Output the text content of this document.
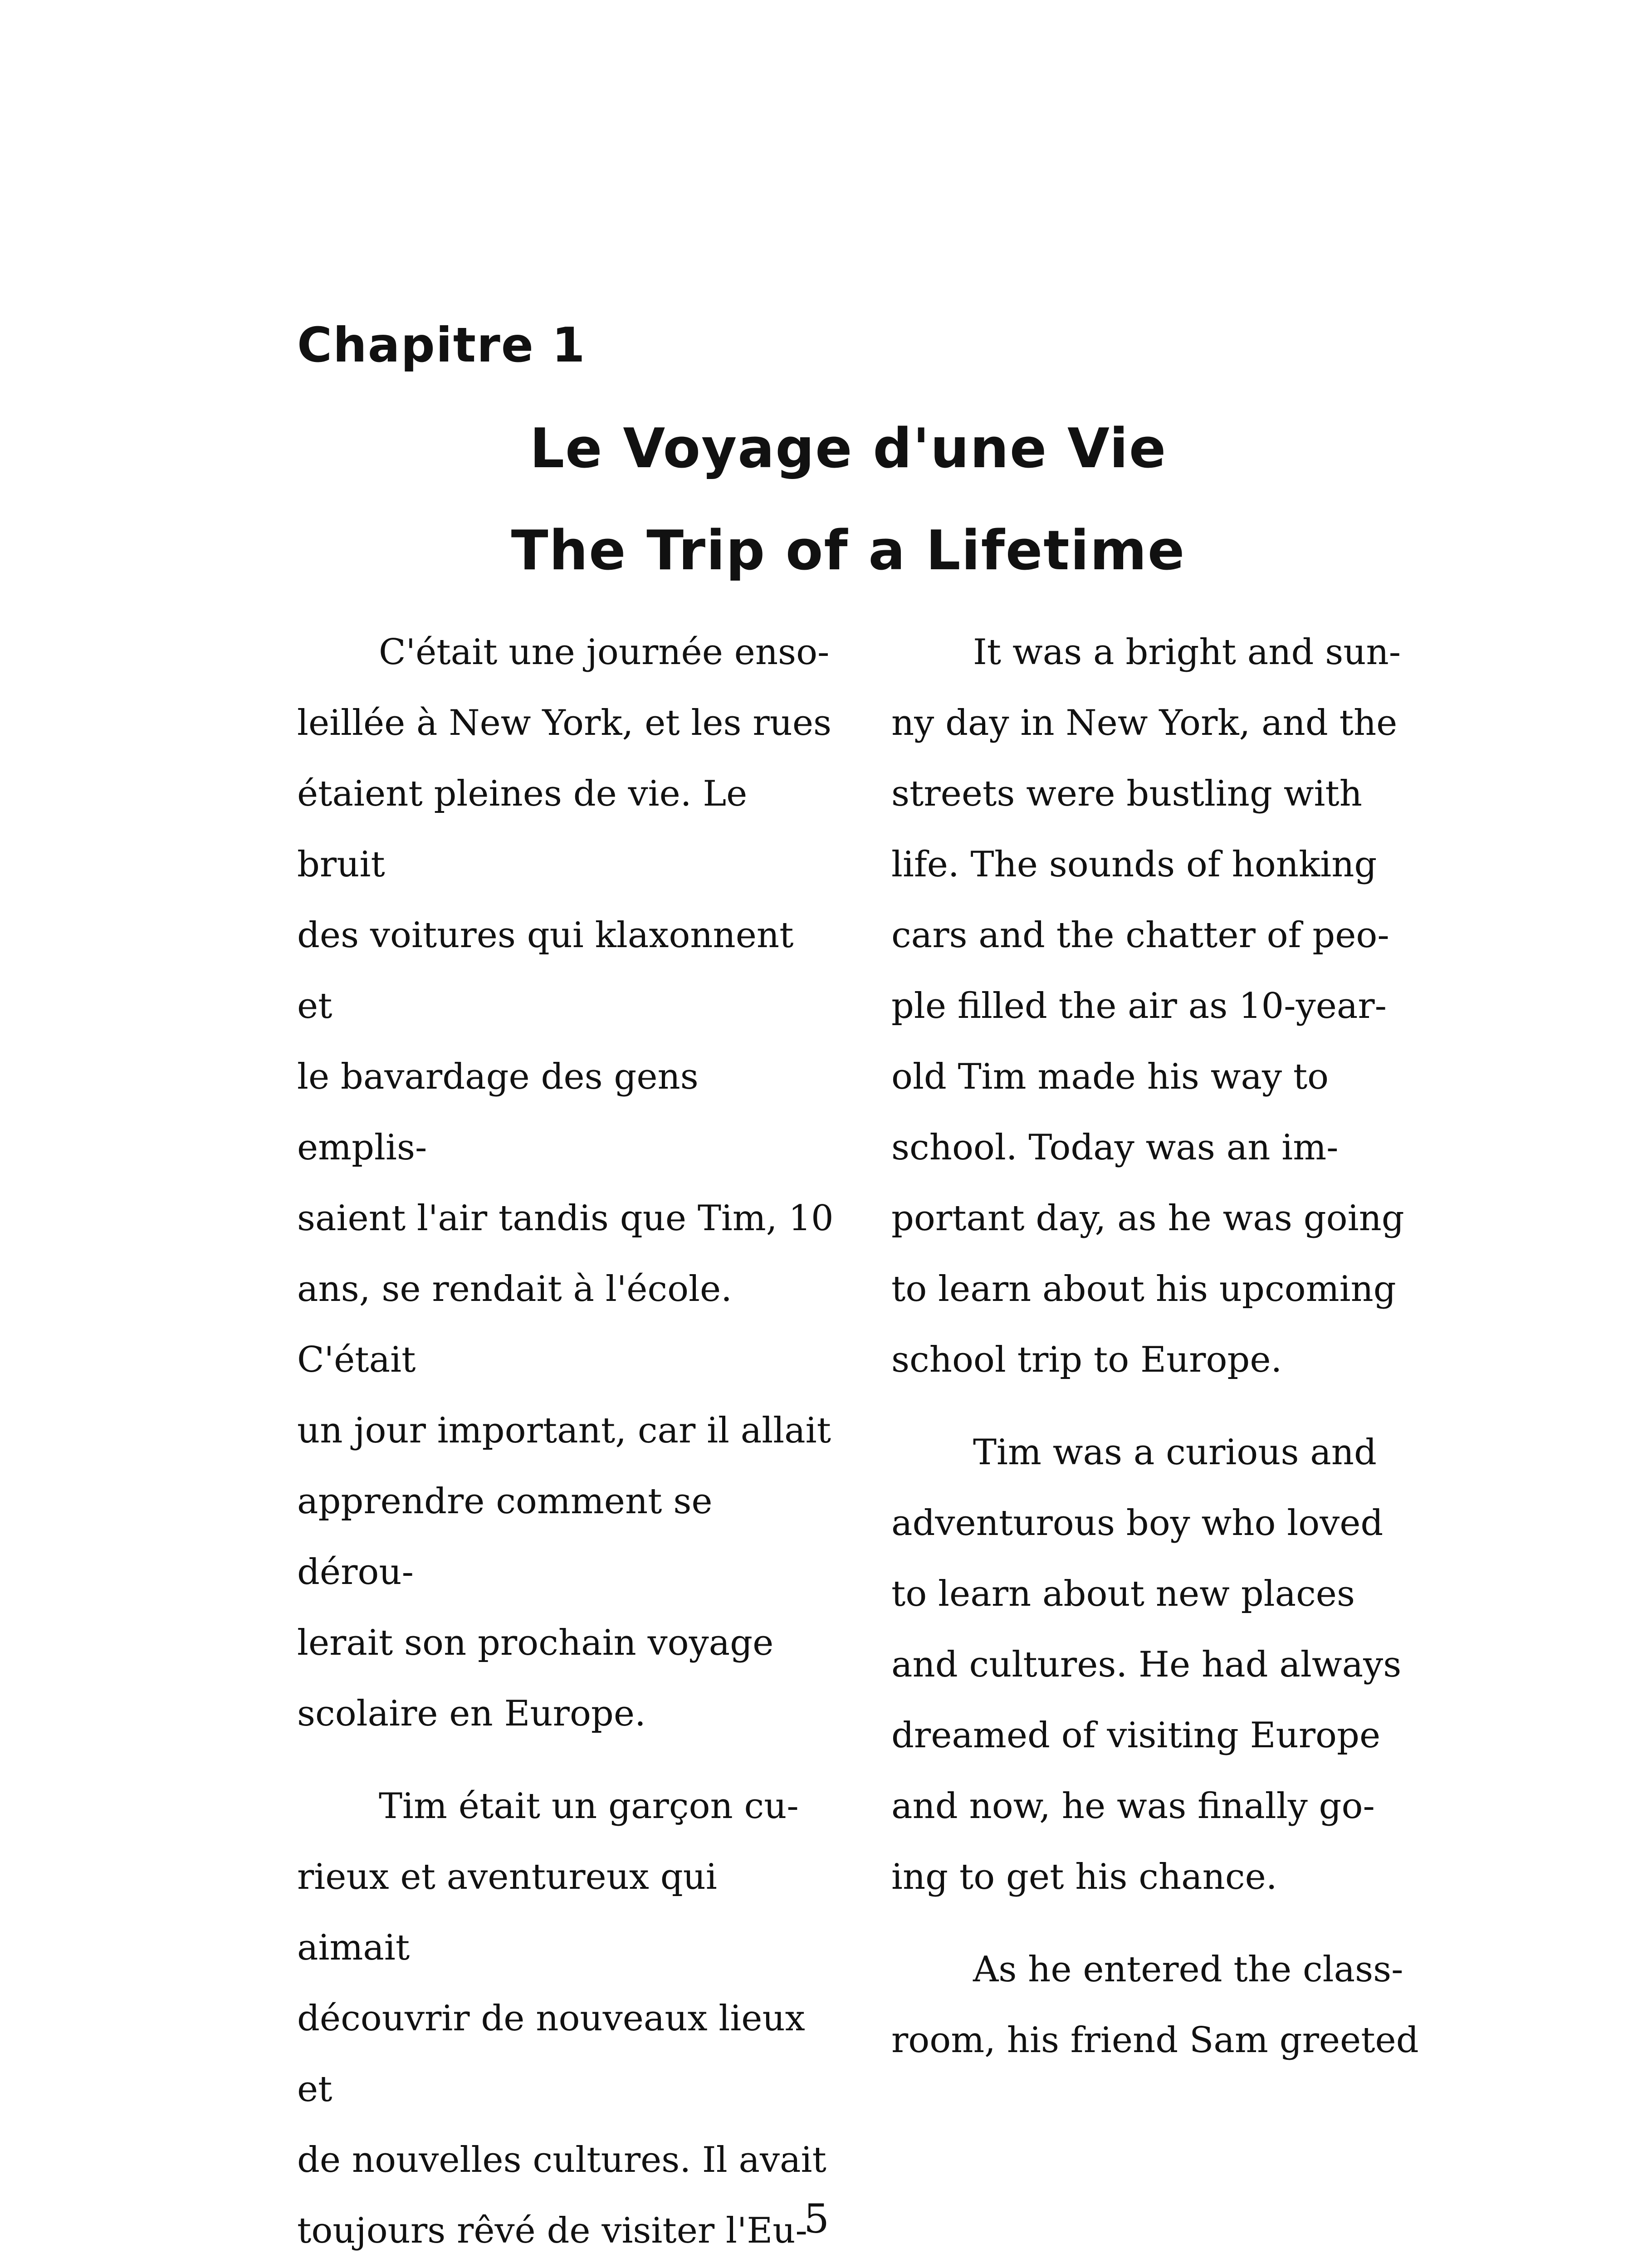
Chapitre 1
Le Voyage d'une Vie
The Trip of a Lifetime

C'était une journée enso-
leillée à New York, et les rues
étaient pleines de vie. Le bruit
des voitures qui klaxonnent et
le bavardage des gens emplis-
saient l'air tandis que Tim, 10
ans, se rendait à l'école. C'était
un jour important, car il allait
apprendre comment se dérou-
lerait son prochain voyage
scolaire en Europe.

Tim était un garçon cu-
rieux et aventureux qui aimait
découvrir de nouveaux lieux et
de nouvelles cultures. Il avait
toujours rêvé de visiter l'Eu-

It was a bright and sun-
ny day in New York, and the
streets were bustling with
life. The sounds of honking
cars and the chatter of peo-
ple filled the air as 10-year-
old Tim made his way to
school. Today was an im-
portant day, as he was going
to learn about his upcoming
school trip to Europe.

Tim was a curious and
adventurous boy who loved
to learn about new places
and cultures. He had always
dreamed of visiting Europe
and now, he was finally go-
ing to get his chance.

As he entered the class-
room, his friend Sam greeted

5
